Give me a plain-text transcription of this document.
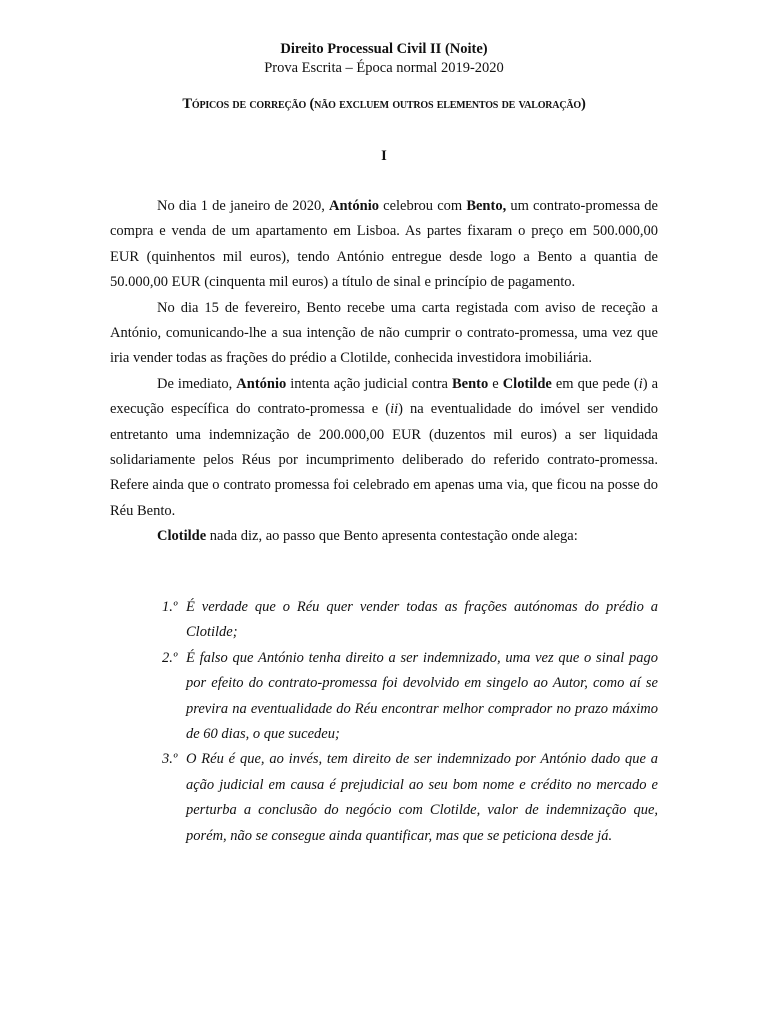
Direito Processual Civil II (Noite)
Prova Escrita – Época normal 2019-2020
Tópicos de correção (não excluem outros elementos de valoração)
I

No dia 1 de janeiro de 2020, António celebrou com Bento, um contrato-promessa de compra e venda de um apartamento em Lisboa. As partes fixaram o preço em 500.000,00 EUR (quinhentos mil euros), tendo António entregue desde logo a Bento a quantia de 50.000,00 EUR (cinquenta mil euros) a título de sinal e princípio de pagamento.

No dia 15 de fevereiro, Bento recebe uma carta registada com aviso de receção a António, comunicando-lhe a sua intenção de não cumprir o contrato-promessa, uma vez que iria vender todas as frações do prédio a Clotilde, conhecida investidora imobiliária.

De imediato, António intenta ação judicial contra Bento e Clotilde em que pede (i) a execução específica do contrato-promessa e (ii) na eventualidade do imóvel ser vendido entretanto uma indemnização de 200.000,00 EUR (duzentos mil euros) a ser liquidada solidariamente pelos Réus por incumprimento deliberado do referido contrato-promessa. Refere ainda que o contrato promessa foi celebrado em apenas uma via, que ficou na posse do Réu Bento.

Clotilde nada diz, ao passo que Bento apresenta contestação onde alega:

1.º É verdade que o Réu quer vender todas as frações autónomas do prédio a Clotilde;
2.º É falso que António tenha direito a ser indemnizado, uma vez que o sinal pago por efeito do contrato-promessa foi devolvido em singelo ao Autor, como aí se previra na eventualidade do Réu encontrar melhor comprador no prazo máximo de 60 dias, o que sucedeu;
3.º O Réu é que, ao invés, tem direito de ser indemnizado por António dado que a ação judicial em causa é prejudicial ao seu bom nome e crédito no mercado e perturba a conclusão do negócio com Clotilde, valor de indemnização que, porém, não se consegue ainda quantificar, mas que se peticiona desde já.
